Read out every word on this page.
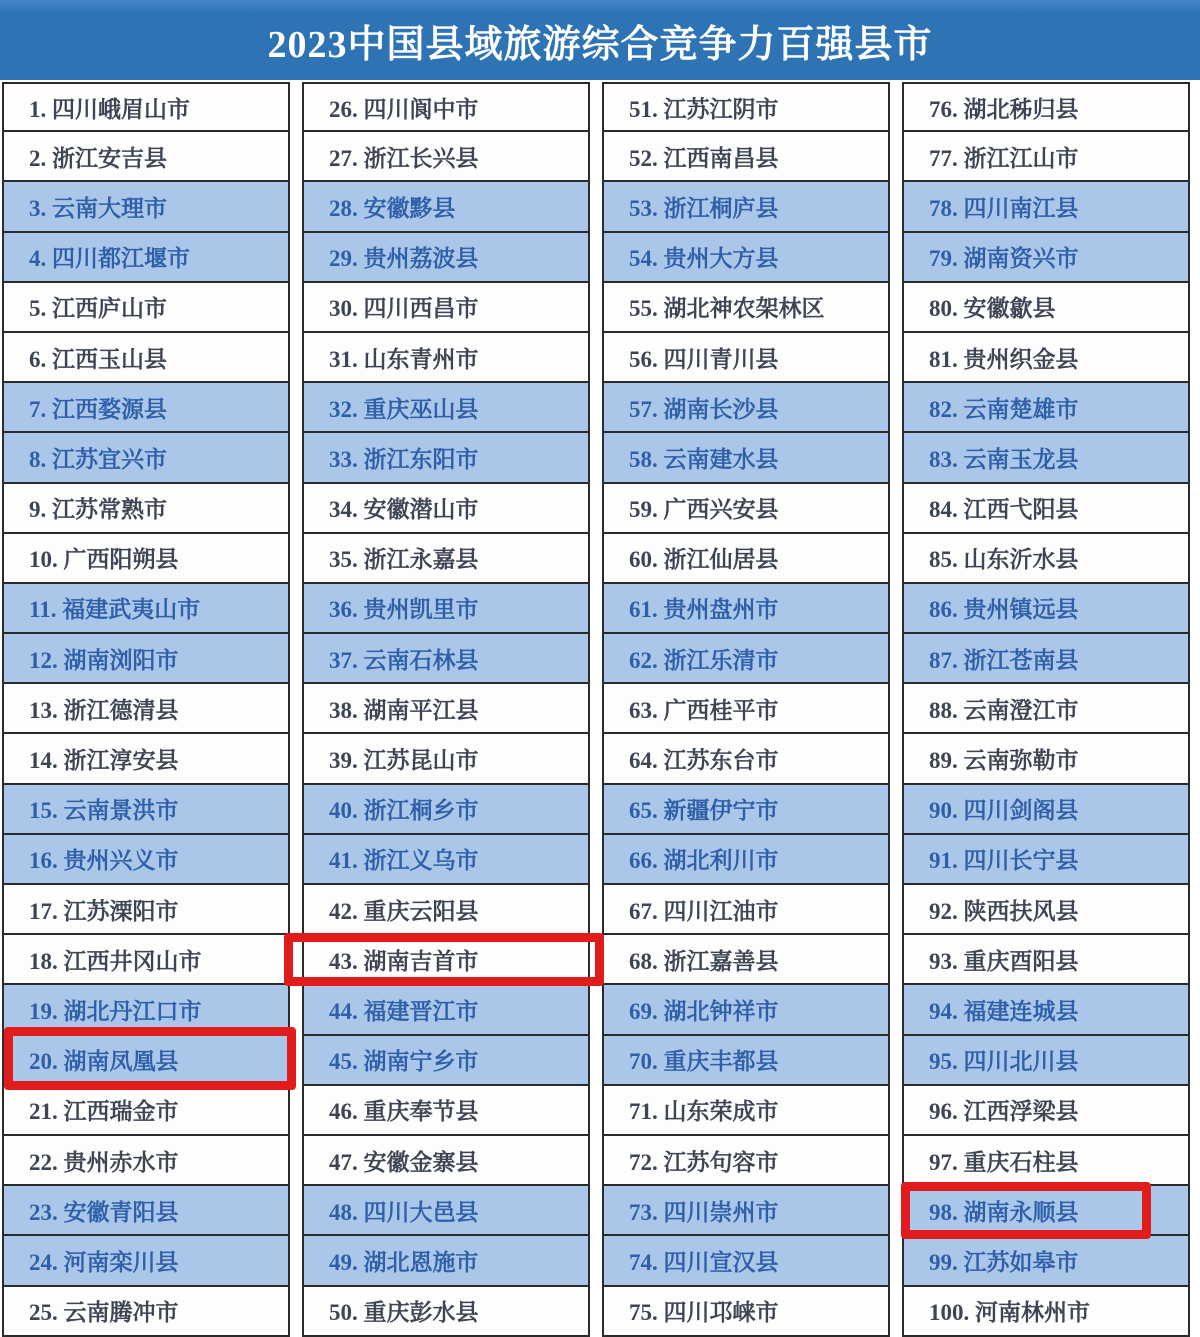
2023中国县域旅游综合竞争力百强县市
1. 四川峨眉山市
2. 浙江安吉县
3. 云南大理市
4. 四川都江堰市
5. 江西庐山市
6. 江西玉山县
7. 江西婺源县
8. 江苏宜兴市
9. 江苏常熟市
10. 广西阳朔县
11. 福建武夷山市
12. 湖南浏阳市
13. 浙江德清县
14. 浙江淳安县
15. 云南景洪市
16. 贵州兴义市
17. 江苏溧阳市
18. 江西井冈山市
19. 湖北丹江口市
20. 湖南凤凰县
21. 江西瑞金市
22. 贵州赤水市
23. 安徽青阳县
24. 河南栾川县
25. 云南腾冲市
26. 四川阆中市
27. 浙江长兴县
28. 安徽黟县
29. 贵州荔波县
30. 四川西昌市
31. 山东青州市
32. 重庆巫山县
33. 浙江东阳市
34. 安徽潜山市
35. 浙江永嘉县
36. 贵州凯里市
37. 云南石林县
38. 湖南平江县
39. 江苏昆山市
40. 浙江桐乡市
41. 浙江义乌市
42. 重庆云阳县
43. 湖南吉首市
44. 福建晋江市
45. 湖南宁乡市
46. 重庆奉节县
47. 安徽金寨县
48. 四川大邑县
49. 湖北恩施市
50. 重庆彭水县
51. 江苏江阴市
52. 江西南昌县
53. 浙江桐庐县
54. 贵州大方县
55. 湖北神农架林区
56. 四川青川县
57. 湖南长沙县
58. 云南建水县
59. 广西兴安县
60. 浙江仙居县
61. 贵州盘州市
62. 浙江乐清市
63. 广西桂平市
64. 江苏东台市
65. 新疆伊宁市
66. 湖北利川市
67. 四川江油市
68. 浙江嘉善县
69. 湖北钟祥市
70. 重庆丰都县
71. 山东荣成市
72. 江苏句容市
73. 四川崇州市
74. 四川宣汉县
75. 四川邛崃市
76. 湖北秭归县
77. 浙江江山市
78. 四川南江县
79. 湖南资兴市
80. 安徽歙县
81. 贵州织金县
82. 云南楚雄市
83. 云南玉龙县
84. 江西弋阳县
85. 山东沂水县
86. 贵州镇远县
87. 浙江苍南县
88. 云南澄江市
89. 云南弥勒市
90. 四川剑阁县
91. 四川长宁县
92. 陕西扶风县
93. 重庆酉阳县
94. 福建连城县
95. 四川北川县
96. 江西浮梁县
97. 重庆石柱县
98. 湖南永顺县
99. 江苏如皋市
100. 河南林州市
